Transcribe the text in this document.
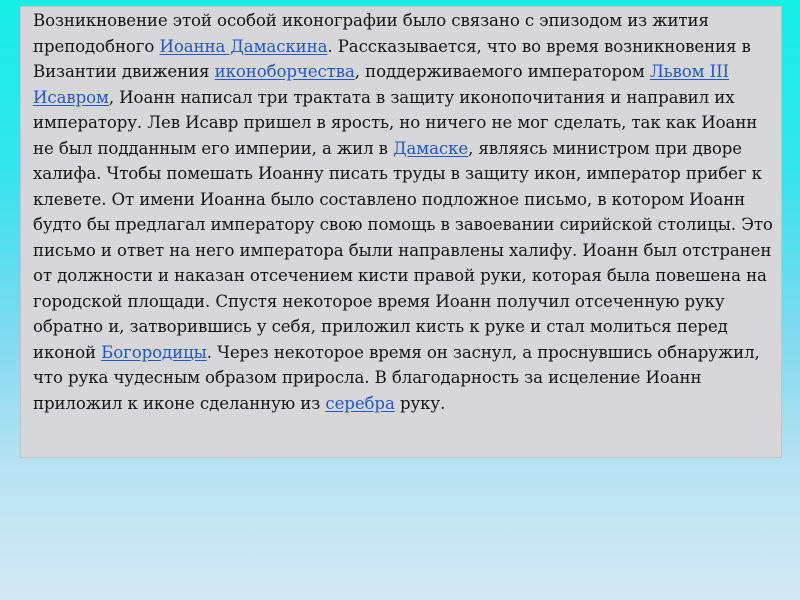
Возникновение этой особой иконографии было связано с эпизодом из жития преподобного Иоанна Дамаскина. Рассказывается, что во время возникновения в Византии движения иконоборчества, поддерживаемого императором Львом III Исавром, Иоанн написал три трактата в защиту иконопочитания и направил их императору. Лев Исавр пришел в ярость, но ничего не мог сделать, так как Иоанн не был подданным его империи, а жил в Дамаске, являясь министром при дворе халифа. Чтобы помешать Иоанну писать труды в защиту икон, император прибег к клевете. От имени Иоанна было составлено подложное письмо, в котором Иоанн будто бы предлагал императору свою помощь в завоевании сирийской столицы. Это письмо и ответ на него императора были направлены халифу. Иоанн был отстранен от должности и наказан отсечением кисти правой руки, которая была повешена на городской площади. Спустя некоторое время Иоанн получил отсеченную руку обратно и, затворившись у себя, приложил кисть к руке и стал молиться перед иконой Богородицы. Через некоторое время он заснул, а проснувшись обнаружил, что рука чудесным образом приросла. В благодарность за исцеление Иоанн приложил к иконе сделанную из серебра руку.
